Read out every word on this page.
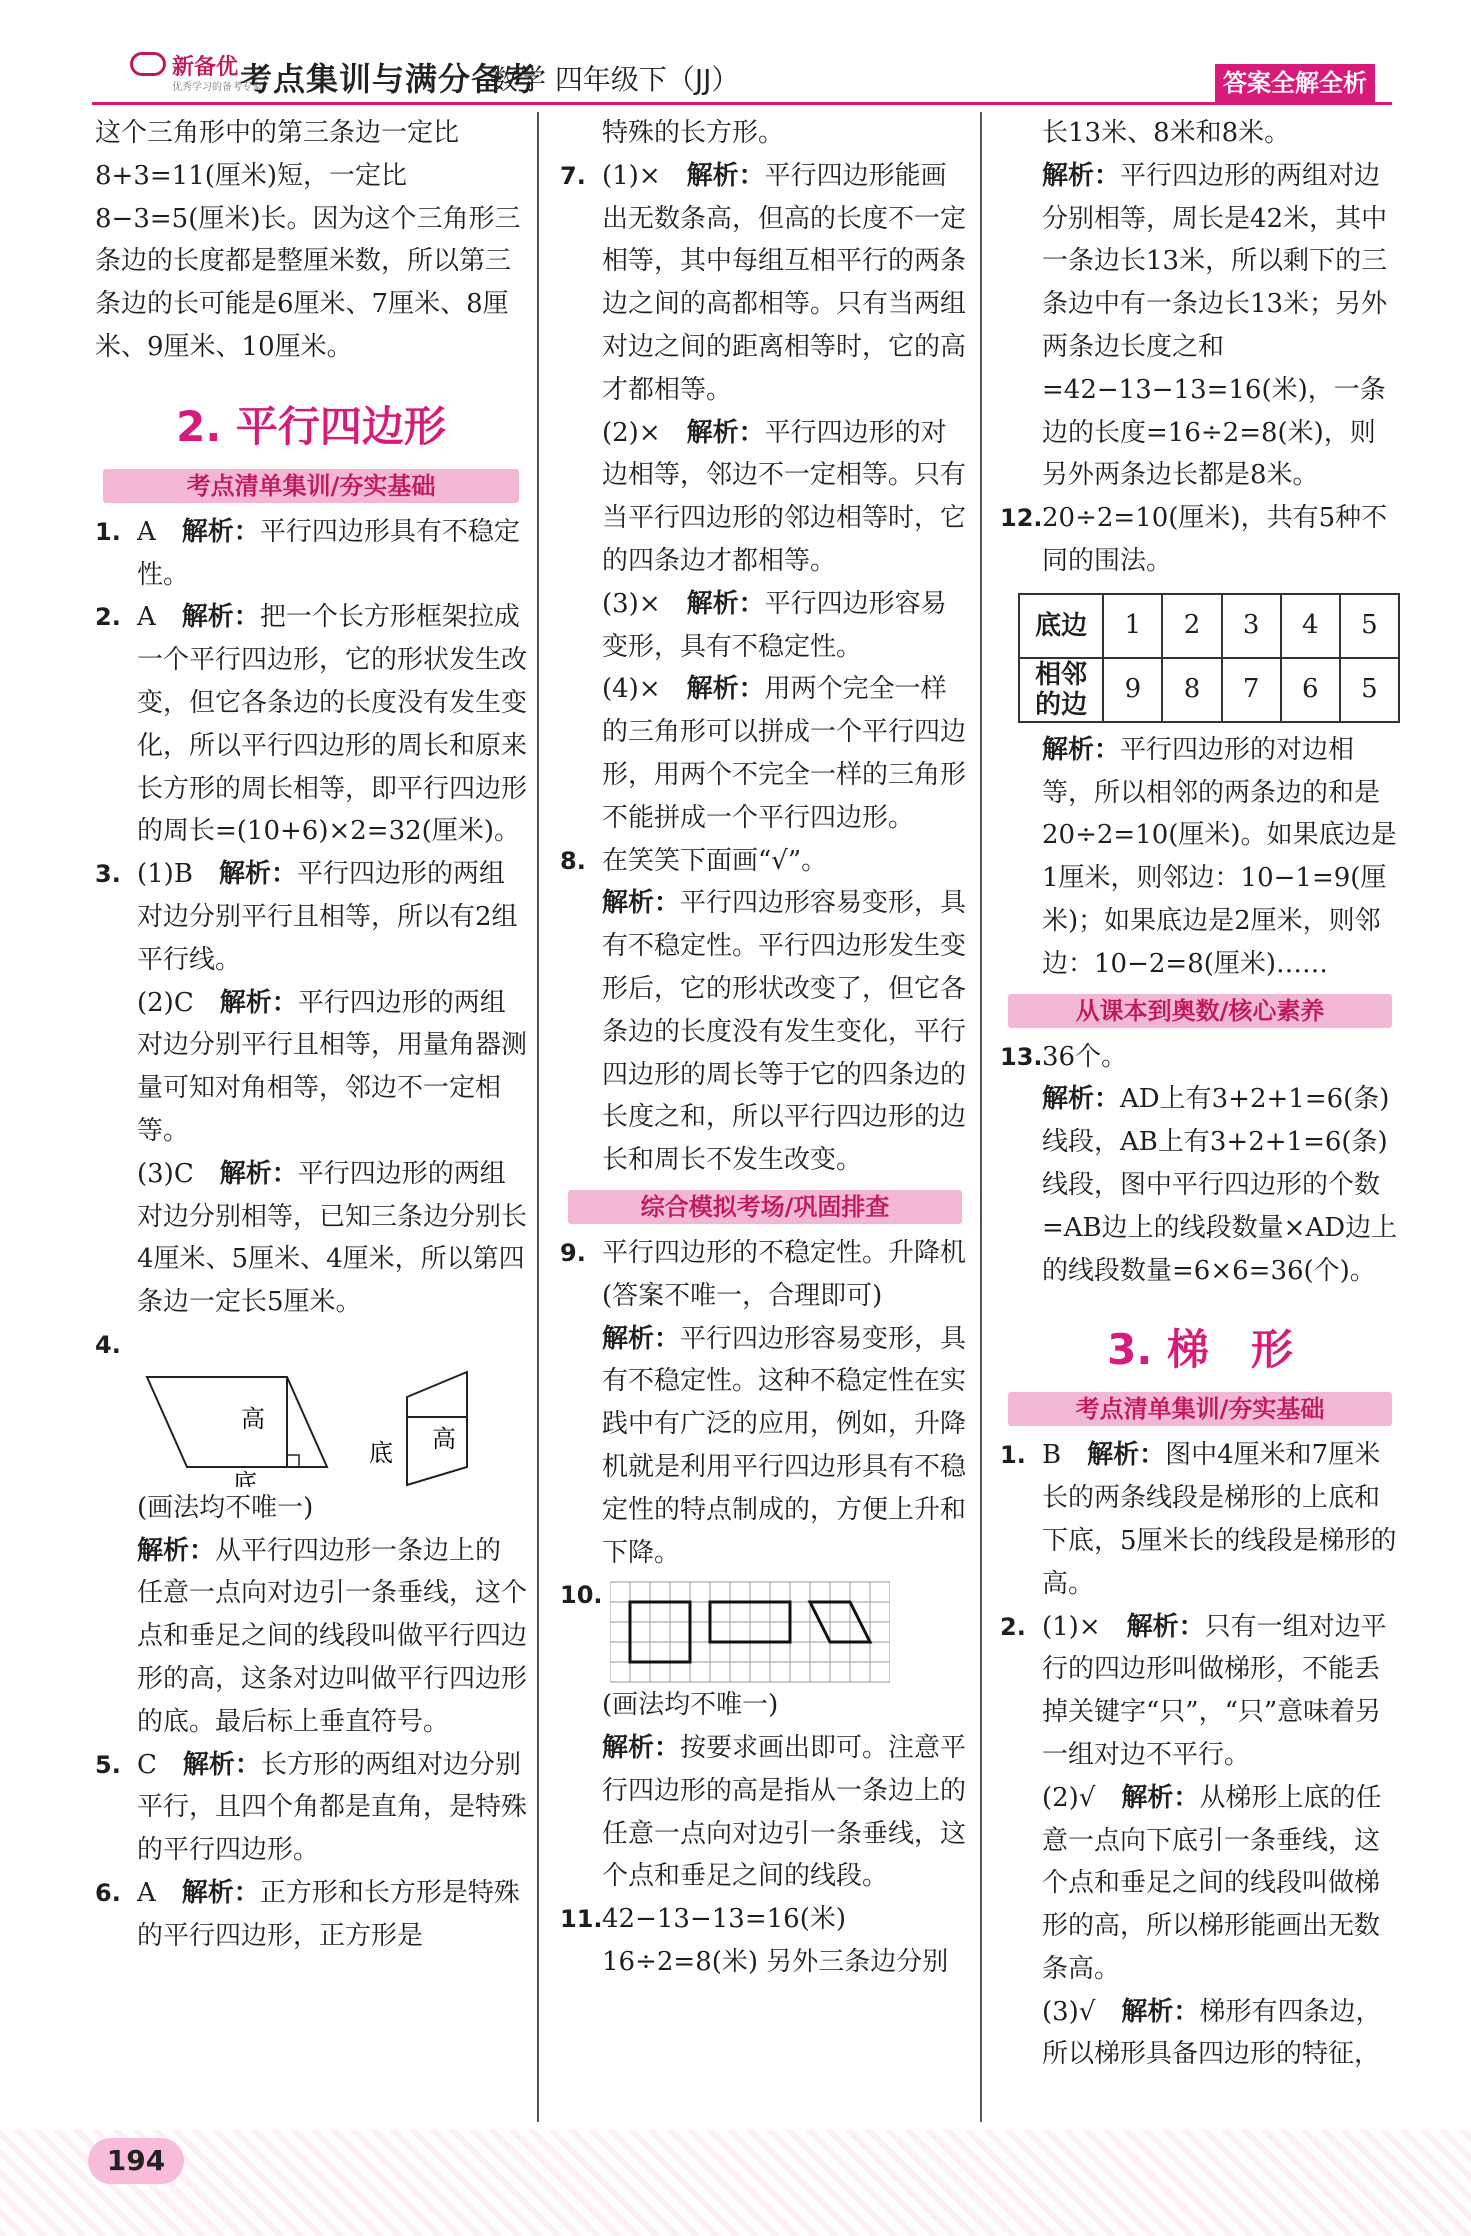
新备优
优秀学习的备考专家
考点集训与满分备考
数学 四年级下（JJ）	答案全解全析

这个三角形中的第三条边一定比8+3=11(厘米)短，一定比8−3=5(厘米)长。因为这个三角形三条边的长度都是整厘米数，所以第三条边的长可能是6厘米、7厘米、8厘米、9厘米、10厘米。

2. 平行四边形
考点清单集训/夯实基础

1. A　 解析：平行四边形具有不稳定性。

2. A　 解析：把一个长方形框架拉成一个平行四边形，它的形状发生改变，但它各条边的长度没有发生变化，所以平行四边形的周长和原来长方形的周长相等，即平行四边形的周长=(10+6)×2=32(厘米)。

3. (1)B　 解析：平行四边形的两组对边分别平行且相等，所以有2组平行线。

(2)C　 解析：平行四边形的两组对边分别平行且相等，用量角器测量可知对角相等，邻边不一定相等。

(3)C　 解析：平行四边形的两组对边分别相等，已知三条边分别长4厘米、5厘米、4厘米，所以第四条边一定长5厘米。

4.
高
底
高
底

(画法均不唯一)

解析：从平行四边形一条边上的任意一点向对边引一条垂线，这个点和垂足之间的线段叫做平行四边形的高，这条对边叫做平行四边形的底。最后标上垂直符号。

5. C　 解析：长方形的两组对边分别平行，且四个角都是直角，是特殊的平行四边形。

6. A　 解析：正方形和长方形是特殊的平行四边形，正方形是

特殊的长方形。

7. (1)×　 解析：平行四边形能画出无数条高，但高的长度不一定相等，其中每组互相平行的两条边之间的高都相等。只有当两组对边之间的距离相等时，它的高才都相等。

(2)×　 解析：平行四边形的对边相等，邻边不一定相等。只有当平行四边形的邻边相等时，它的四条边才都相等。

(3)×　 解析：平行四边形容易变形，具有不稳定性。

(4)×　 解析：用两个完全一样的三角形可以拼成一个平行四边形，用两个不完全一样的三角形不能拼成一个平行四边形。

8. 在笑笑下面画“√”。　

解析：平行四边形容易变形，具有不稳定性。平行四边形发生变形后，它的形状改变了，但它各条边的长度没有发生变化，平行四边形的周长等于它的四条边的长度之和，所以平行四边形的边长和周长不发生改变。

综合模拟考场/巩固排查

9. 平行四边形的不稳定性。升降机(答案不唯一，合理即可)　

解析：平行四边形容易变形，具有不稳定性。这种不稳定性在实践中有广泛的应用，例如，升降机就是利用平行四边形具有不稳定性的特点制成的，方便上升和下降。

10.

(画法均不唯一)

解析：按要求画出即可。注意平行四边形的高是指从一条边上的任意一点向对边引一条垂线，这个点和垂足之间的线段。

11.42−13−13=16(米)

16÷2=8(米) 另外三条边分别

长13米、8米和8米。

解析：平行四边形的两组对边分别相等，周长是42米，其中一条边长13米，所以剩下的三条边中有一条边长13米；另外两条边长度之和=42−13−13=16(米)，一条边的长度=16÷2=8(米)，则另外两条边长都是8米。

12.20÷2=10(厘米)，共有5种不同的围法。

底边	1	2	3	4	5
相邻
的边	9	8	7	6	5

解析：平行四边形的对边相等，所以相邻的两条边的和是20÷2=10(厘米)。如果底边是1厘米，则邻边：10−1=9(厘米)；如果底边是2厘米，则邻边：10−2=8(厘米)……

从课本到奥数/核心素养

13.36个。

解析：AD上有3+2+1=6(条)线段，AB上有3+2+1=6(条)线段，图中平行四边形的个数=AB边上的线段数量×AD边上的线段数量=6×6=36(个)。

3. 梯　形
考点清单集训/夯实基础

1. B　 解析：图中4厘米和7厘米长的两条线段是梯形的上底和下底，5厘米长的线段是梯形的高。

2. (1)×　 解析：只有一组对边平行的四边形叫做梯形，不能丢掉关键字“只”，“只”意味着另一组对边不平行。

(2)√　 解析：从梯形上底的任意一点向下底引一条垂线，这个点和垂足之间的线段叫做梯形的高，所以梯形能画出无数条高。

(3)√　 解析：梯形有四条边，所以梯形具备四边形的特征，

194
